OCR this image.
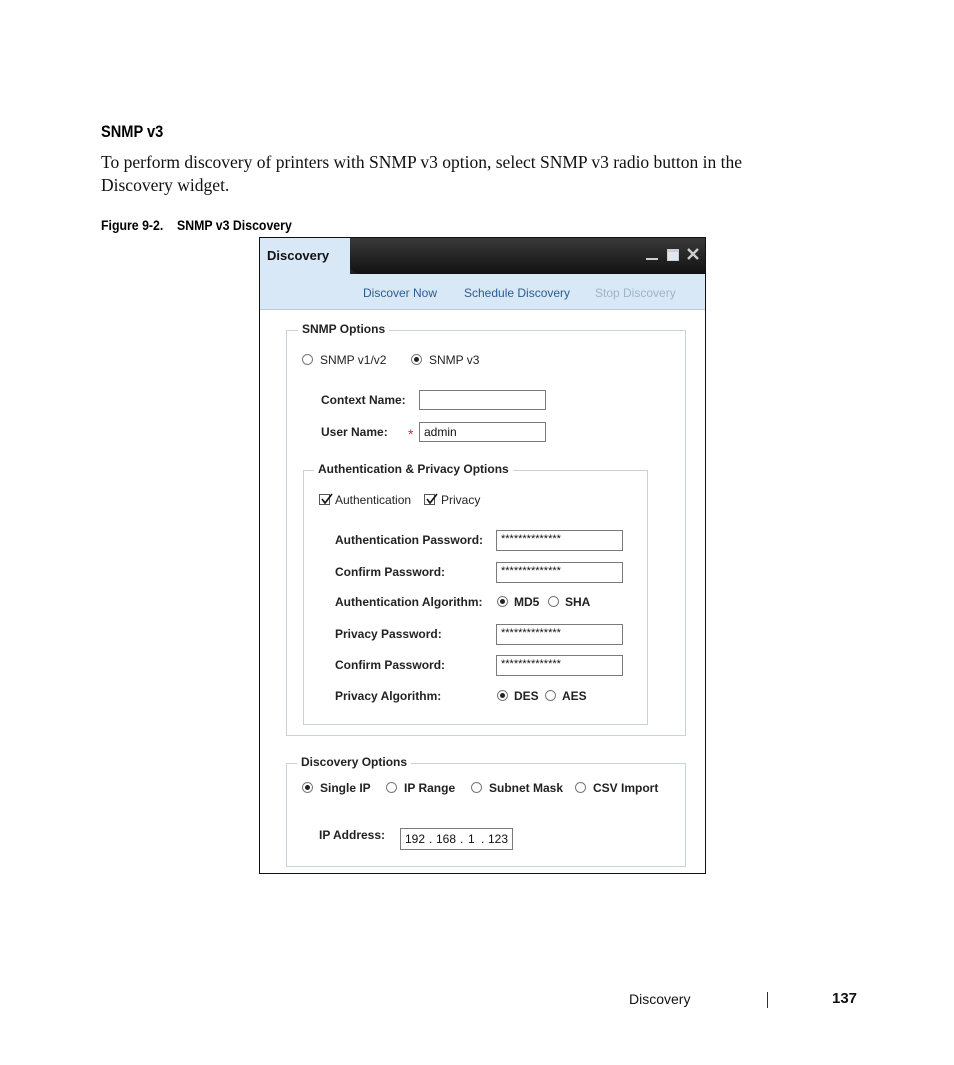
SNMP v3
To perform discovery of printers with SNMP v3 option, select SNMP v3 radio button in the Discovery widget.
Figure 9-2.    SNMP v3 Discovery
Discovery
Discover Now Schedule Discovery Stop Discovery
SNMP Options
SNMP v1/v2	SNMP v3
Context Name:
User Name: * admin
Authentication & Privacy Options
Authentication Privacy
Authentication Password:	**************
Confirm Password:	**************
Authentication Algorithm:	MD5 SHA
Privacy Password:	**************
Confirm Password:	**************
Privacy Algorithm:	DES AES
Discovery Options
Single IP	IP Range	Subnet Mask CSV Import
IP Address: 192 . 168 . 1 . 123
Discovery	137
